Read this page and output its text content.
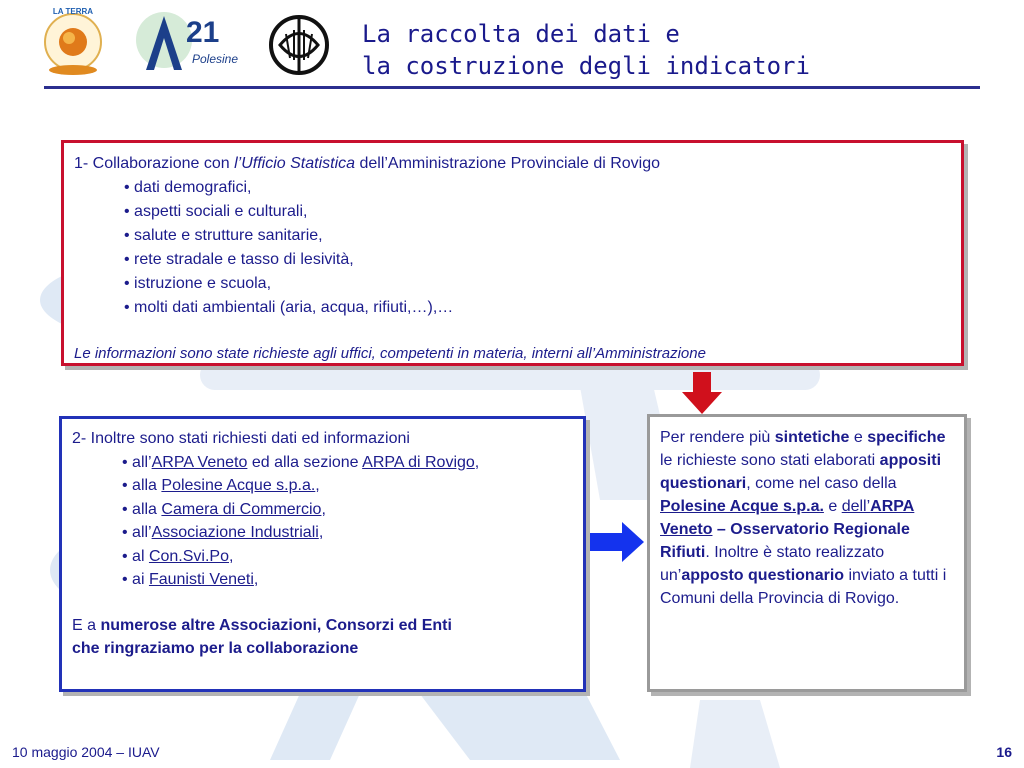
LA TERRA
21
Polesine
La raccolta dei dati e
la costruzione degli indicatori
1- Collaborazione con l’Ufficio Statistica dell’Amministrazione Provinciale di Rovigo
• dati demografici,
• aspetti sociali e culturali,
• salute e strutture sanitarie,
• rete stradale e tasso di lesività,
• istruzione e scuola,
• molti dati ambientali (aria, acqua, rifiuti,…),…
Le informazioni sono state richieste agli uffici, competenti in materia, interni all’Amministrazione
2- Inoltre sono stati richiesti dati ed informazioni
• all’ARPA Veneto ed alla sezione ARPA di Rovigo,
• alla Polesine Acque s.p.a.,
• alla Camera di Commercio,
• all’Associazione Industriali,
• al Con.Svi.Po,
• ai Faunisti Veneti,
E a numerose altre Associazioni, Consorzi ed Enti
che ringraziamo per la collaborazione
Per rendere più sintetiche e specifiche le richieste sono stati elaborati appositi questionari, come nel caso della Polesine Acque s.p.a. e dell’ARPA Veneto – Osservatorio Regionale Rifiuti. Inoltre è stato realizzato un’apposto questionario inviato a tutti i Comuni della Provincia di Rovigo.
10 maggio 2004 – IUAV	16
